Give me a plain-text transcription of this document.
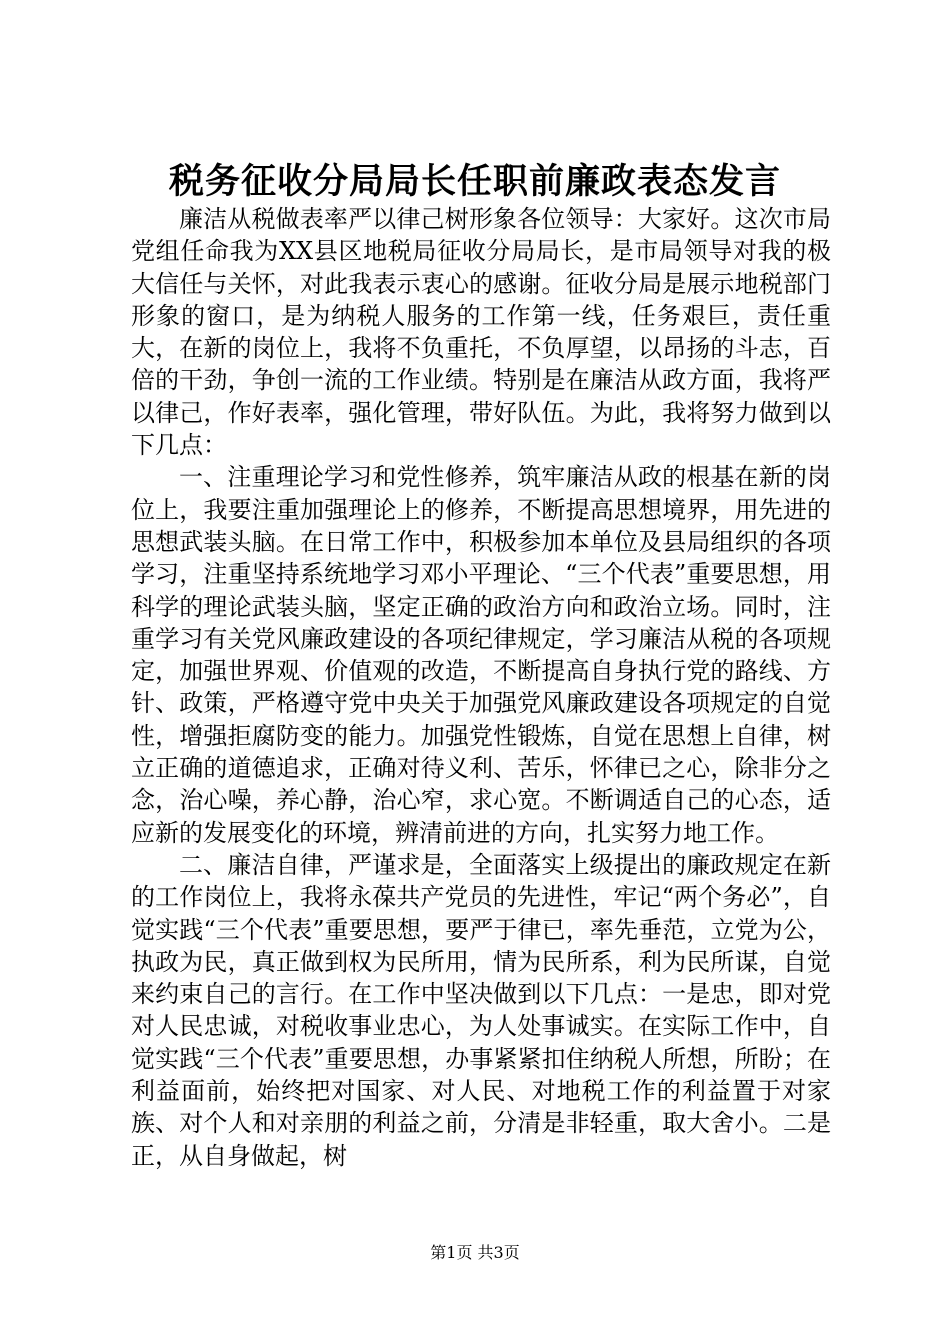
税务征收分局局长任职前廉政表态发言

廉洁从税做表率严以律己树形象各位领导：大家好。这次市局党组任命我为XX县区地税局征收分局局长，是市局领导对我的极大信任与关怀，对此我表示衷心的感谢。征收分局是展示地税部门形象的窗口，是为纳税人服务的工作第一线，任务艰巨，责任重大，在新的岗位上，我将不负重托，不负厚望，以昂扬的斗志，百倍的干劲，争创一流的工作业绩。特别是在廉洁从政方面，我将严以律己，作好表率，强化管理，带好队伍。为此，我将努力做到以下几点：

一、注重理论学习和党性修养，筑牢廉洁从政的根基在新的岗位上，我要注重加强理论上的修养，不断提高思想境界，用先进的思想武装头脑。在日常工作中，积极参加本单位及县局组织的各项学习，注重坚持系统地学习邓小平理论、“三个代表”重要思想，用科学的理论武装头脑，坚定正确的政治方向和政治立场。同时，注重学习有关党风廉政建设的各项纪律规定，学习廉洁从税的各项规定，加强世界观、价值观的改造，不断提高自身执行党的路线、方针、政策，严格遵守党中央关于加强党风廉政建设各项规定的自觉性，增强拒腐防变的能力。加强党性锻炼，自觉在思想上自律，树立正确的道德追求，正确对待义利、苦乐，怀律已之心，除非分之念，治心噪，养心静，治心窄，求心宽。不断调适自己的心态，适应新的发展变化的环境，辨清前进的方向，扎实努力地工作。

二、廉洁自律，严谨求是，全面落实上级提出的廉政规定在新的工作岗位上，我将永葆共产党员的先进性，牢记“两个务必”，自觉实践“三个代表”重要思想，要严于律已，率先垂范，立党为公，执政为民，真正做到权为民所用，情为民所系，利为民所谋，自觉来约束自己的言行。在工作中坚决做到以下几点：一是忠，即对党对人民忠诚，对税收事业忠心，为人处事诚实。在实际工作中，自觉实践“三个代表”重要思想，办事紧紧扣住纳税人所想，所盼；在利益面前，始终把对国家、对人民、对地税工作的利益置于对家族、对个人和对亲朋的利益之前，分清是非轻重，取大舍小。二是正，从自身做起，树

第1页 共3页
